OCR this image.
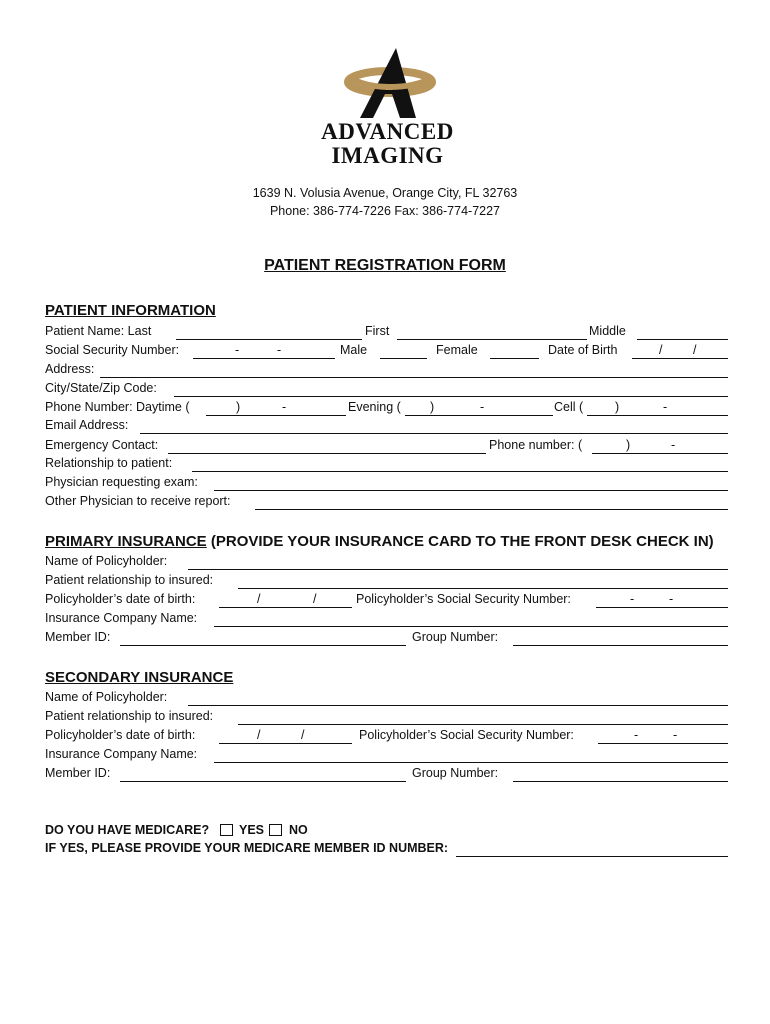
ADVANCED
IMAGING
1639 N. Volusia Avenue, Orange City, FL 32763
Phone: 386-774-7226 Fax: 386-774-7227
PATIENT REGISTRATION FORM
PATIENT INFORMATION
Patient Name: Last	First	Middle
Social Security Number:	-	-	Male	Female	Date of Birth	/ /
Address:
City/State/Zip Code:
Phone Number: Daytime (	)	-	Evening ( )	-	Cell (	)	-
Email Address:
Emergency Contact:	Phone number: (	)	-
Relationship to patient:
Physician requesting exam:
Other Physician to receive report:
PRIMARY INSURANCE (PROVIDE YOUR INSURANCE CARD TO THE FRONT DESK CHECK IN)
Name of Policyholder:
Patient relationship to insured:
Policyholder’s date of birth:	/	/	Policyholder’s Social Security Number:	-	-
Insurance Company Name:
Member ID:	Group Number:
SECONDARY INSURANCE
Name of Policyholder:
Patient relationship to insured:
Policyholder’s date of birth:	/	/	Policyholder’s Social Security Number:	-	-
Insurance Company Name:
Member ID:	Group Number:
DO YOU HAVE MEDICARE? YES NO
IF YES, PLEASE PROVIDE YOUR MEDICARE MEMBER ID NUMBER:
